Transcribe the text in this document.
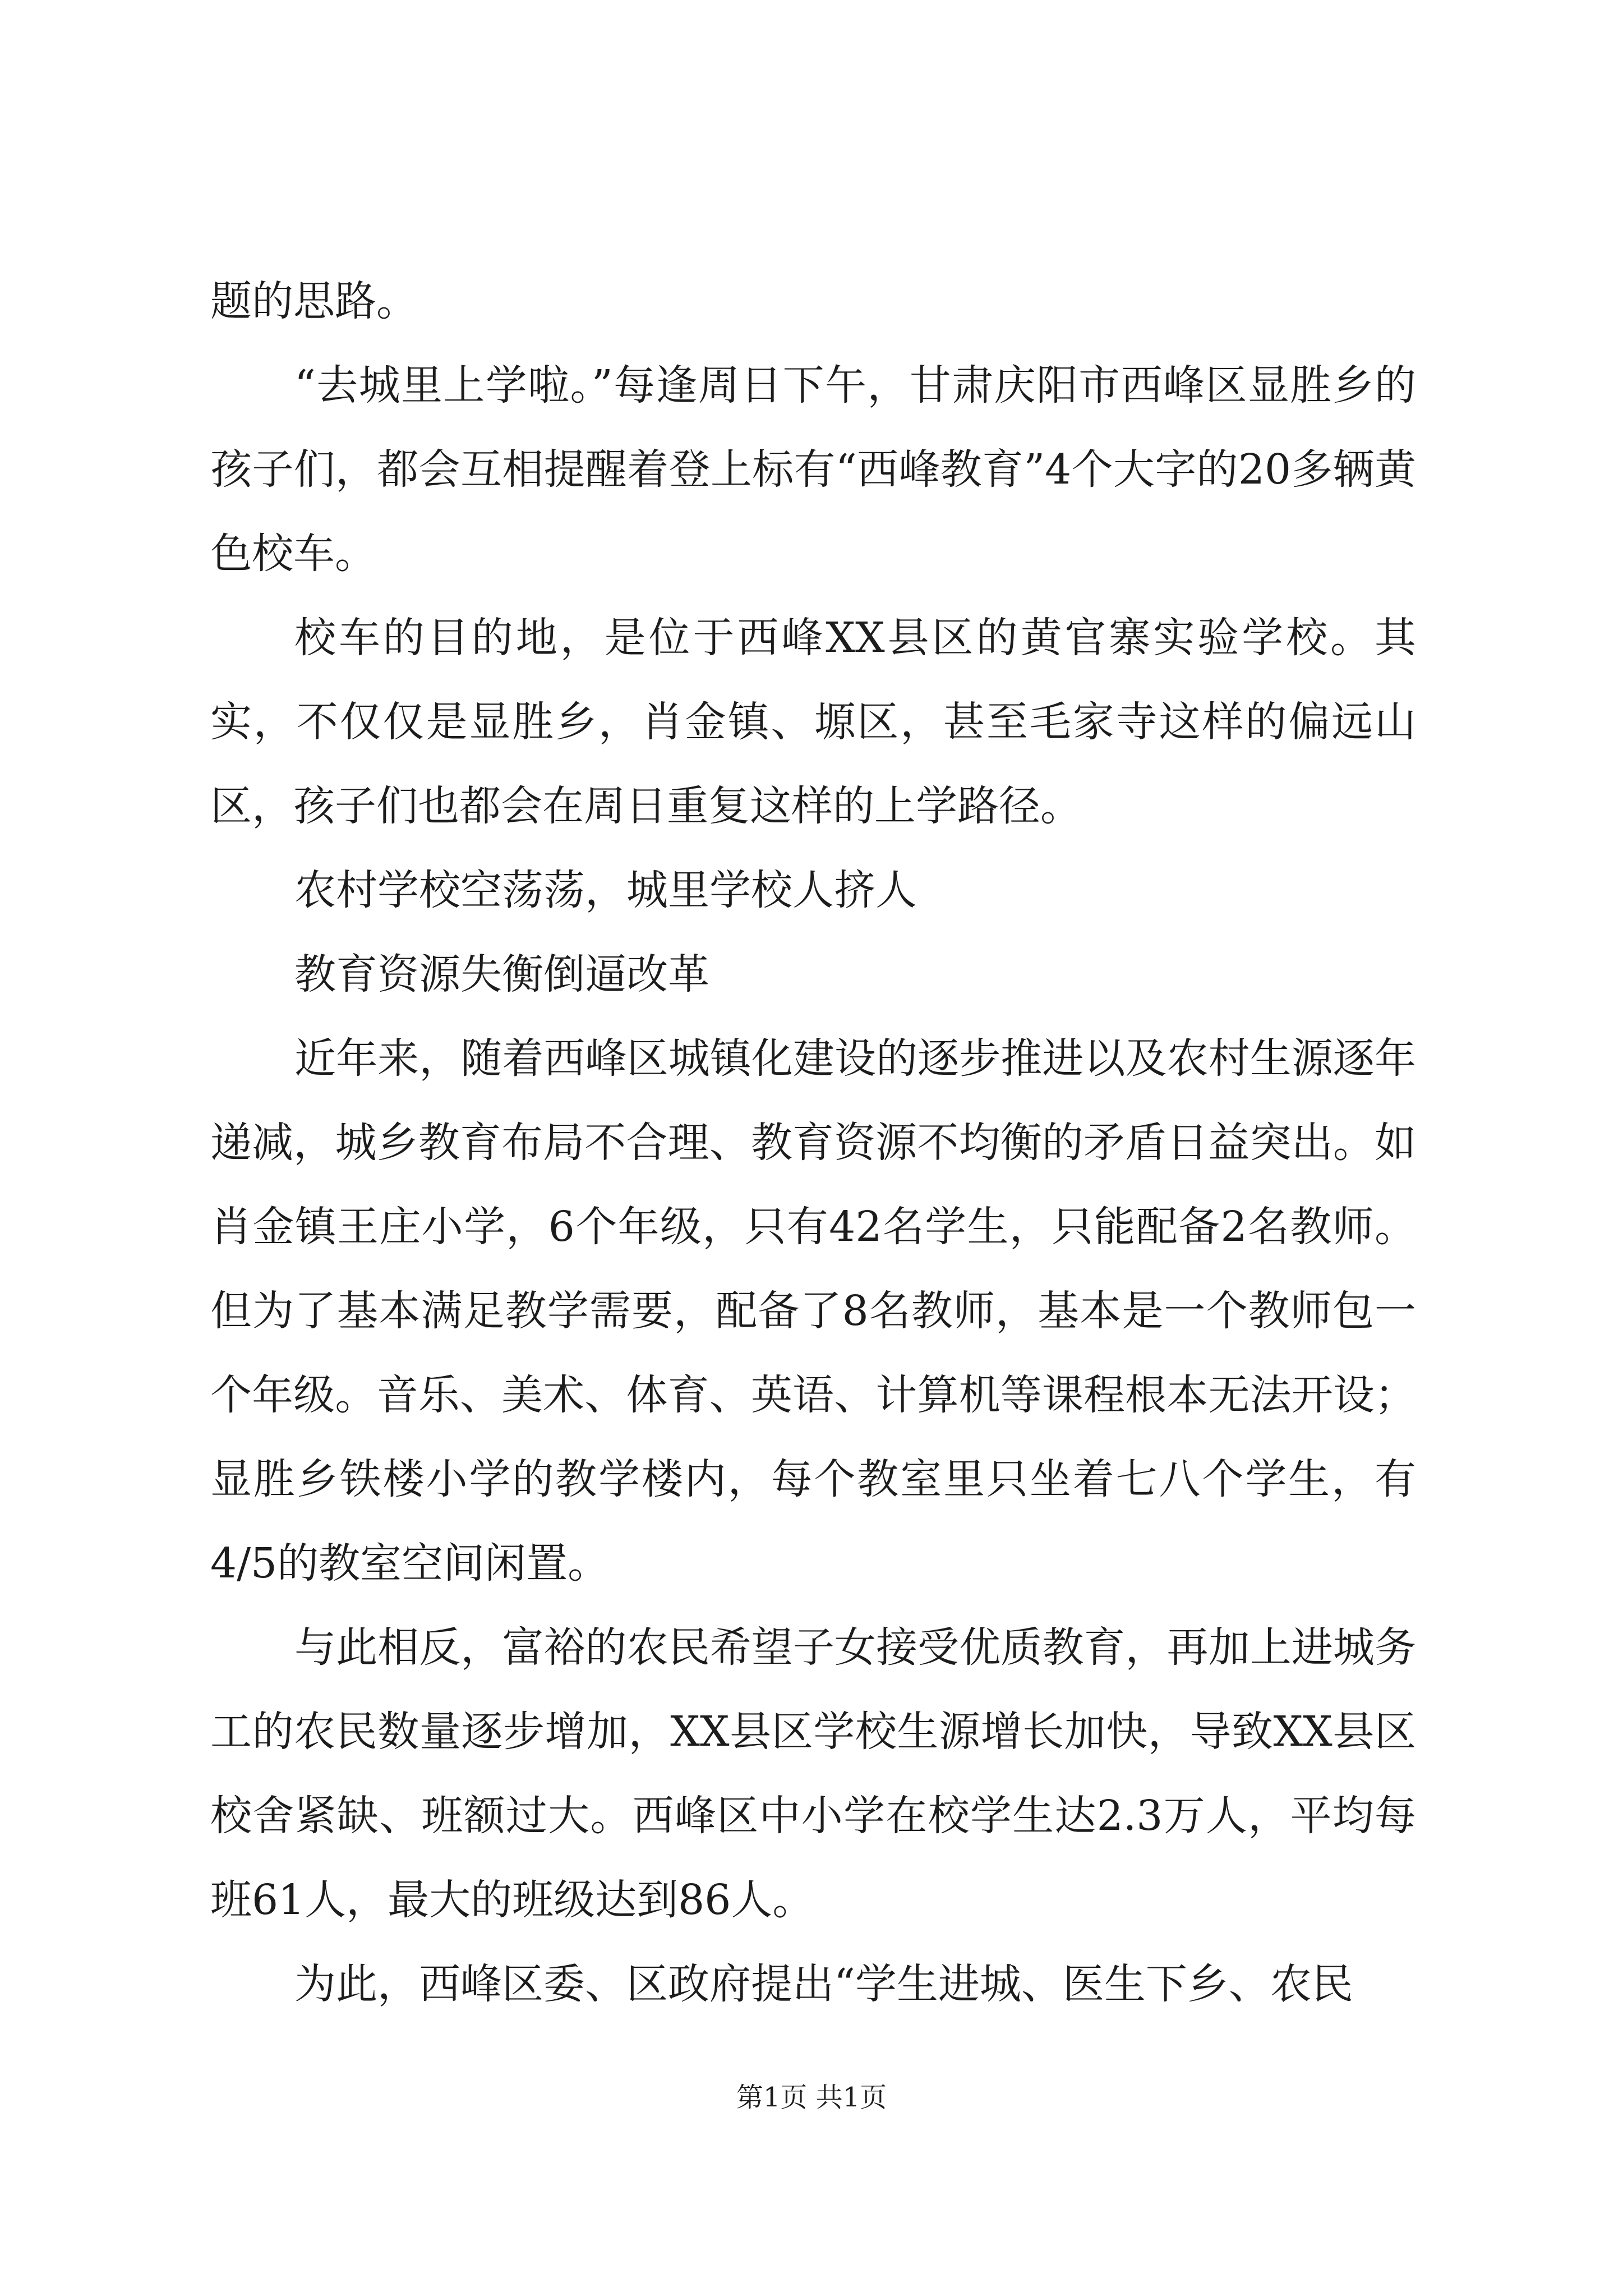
题的思路。

“去城里上学啦。”每逢周日下午，甘肃庆阳市西峰区显胜乡的孩子们，都会互相提醒着登上标有“西峰教育”4个大字的20多辆黄色校车。

校车的目的地，是位于西峰XX县区的黄官寨实验学校。其实，不仅仅是显胜乡，肖金镇、塬区，甚至毛家寺这样的偏远山区，孩子们也都会在周日重复这样的上学路径。

农村学校空荡荡，城里学校人挤人

教育资源失衡倒逼改革

近年来，随着西峰区城镇化建设的逐步推进以及农村生源逐年递减，城乡教育布局不合理、教育资源不均衡的矛盾日益突出。如肖金镇王庄小学，6个年级，只有42名学生，只能配备2名教师。但为了基本满足教学需要，配备了8名教师，基本是一个教师包一个年级。音乐、美术、体育、英语、计算机等课程根本无法开设；显胜乡铁楼小学的教学楼内，每个教室里只坐着七八个学生，有4/5的教室空间闲置。

与此相反，富裕的农民希望子女接受优质教育，再加上进城务工的农民数量逐步增加，XX县区学校生源增长加快，导致XX县区校舍紧缺、班额过大。西峰区中小学在校学生达2.3万人，平均每班61人，最大的班级达到86人。

为此，西峰区委、区政府提出“学生进城、医生下乡、农民

第1页 共1页
